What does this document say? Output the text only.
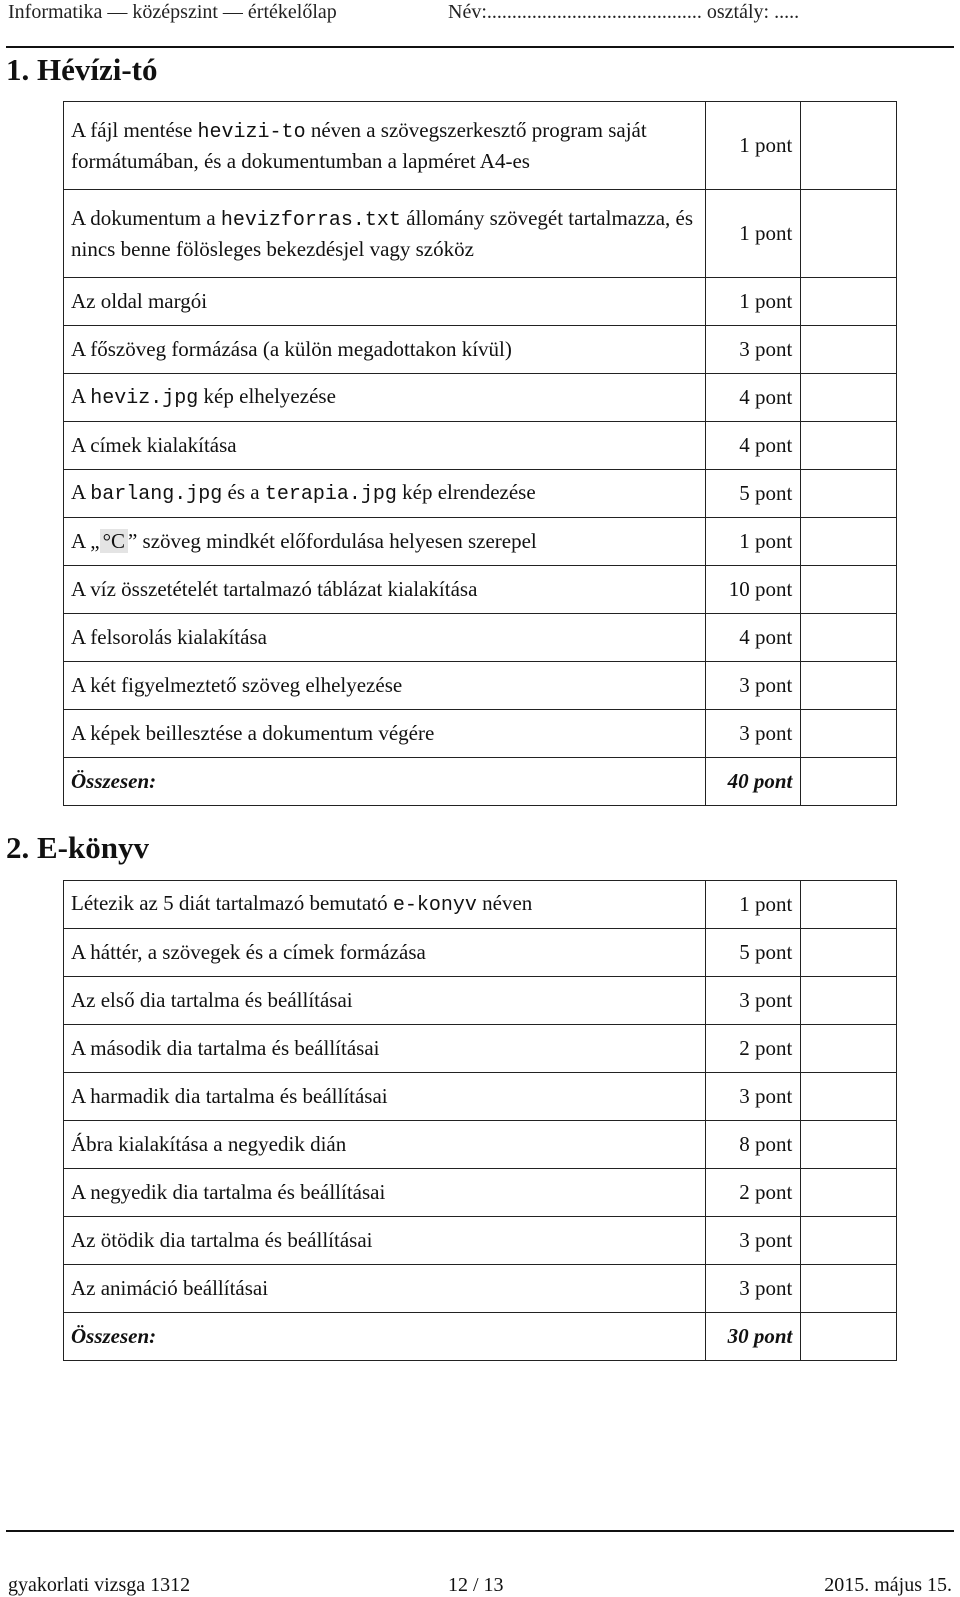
Informatika — középszint — értékelőlap	Név:........................................... osztály: .....
1. Hévízi-tó
A fájl mentése hevizi-to néven a szövegszerkesztő program saját formátumában, és a dokumentumban a lapméret A4-es	1 pont	
A dokumentum a hevizforras.txt állomány szövegét tartalmazza, és nincs benne fölösleges bekezdésjel vagy szóköz	1 pont	
Az oldal margói	1 pont	
A főszöveg formázása (a külön megadottakon kívül)	3 pont	
A heviz.jpg kép elhelyezése	4 pont	
A címek kialakítása	4 pont	
A barlang.jpg és a terapia.jpg kép elrendezése	5 pont	
A „ °C ” szöveg mindkét előfordulása helyesen szerepel	1 pont	
A víz összetételét tartalmazó táblázat kialakítása	10 pont	
A felsorolás kialakítása	4 pont	
A két figyelmeztető szöveg elhelyezése	3 pont	
A képek beillesztése a dokumentum végére	3 pont	
Összesen:	40 pont	
2. E-könyv
Létezik az 5 diát tartalmazó bemutató e-konyv néven	1 pont	
A háttér, a szövegek és a címek formázása	5 pont	
Az első dia tartalma és beállításai	3 pont	
A második dia tartalma és beállításai	2 pont	
A harmadik dia tartalma és beállításai	3 pont	
Ábra kialakítása a negyedik dián	8 pont	
A negyedik dia tartalma és beállításai	2 pont	
Az ötödik dia tartalma és beállításai	3 pont	
Az animáció beállításai	3 pont	
Összesen:	30 pont	
gyakorlati vizsga 1312	12 / 13	2015. május 15.
